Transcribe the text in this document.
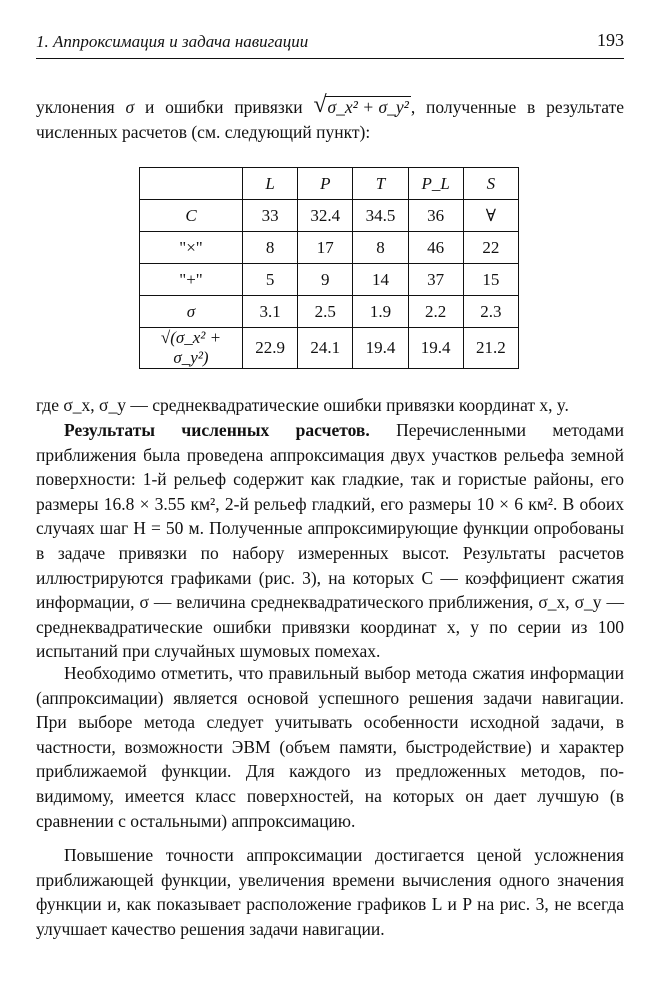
1. Аппроксимация и задача навигации	193
уклонения σ и ошибки привязки √ σ_x² + σ_y² , полученные в результате численных расчетов (см. следующий пункт):
	L	P	T	P_L	S
C	33	32.4	34.5	36	∀
"×"	8	17	8	46	22
"+"	5	9	14	37	15
σ	3.1	2.5	1.9	2.2	2.3
√(σ_x² + σ_y²)	22.9	24.1	19.4	19.4	21.2
где σ_x, σ_y — среднеквадратические ошибки привязки координат x, y.
Результаты численных расчетов. Перечисленными методами приближения была проведена аппроксимация двух участков рельефа земной поверхности: 1-й рельеф содержит как гладкие, так и гористые районы, его размеры 16.8 × 3.55 км², 2-й рельеф гладкий, его размеры 10 × 6 км². В обоих случаях шаг H = 50 м. Полученные аппроксимирующие функции опробованы в задаче привязки по набору измеренных высот. Результаты расчетов иллюстрируются графиками (рис. 3), на которых C — коэффициент сжатия информации, σ — величина среднеквадратического приближения, σ_x, σ_y — среднеквадратические ошибки привязки координат x, y по серии из 100 испытаний при случайных шумовых помехах.
Необходимо отметить, что правильный выбор метода сжатия информации (аппроксимации) является основой успешного решения задачи навигации. При выборе метода следует учитывать особенности исходной задачи, в частности, возможности ЭВМ (объем памяти, быстродействие) и характер приближаемой функции. Для каждого из предложенных методов, по-видимому, имеется класс поверхностей, на которых он дает лучшую (в сравнении с остальными) аппроксимацию.
Повышение точности аппроксимации достигается ценой усложнения приближающей функции, увеличения времени вычисления одного значения функции и, как показывает расположение графиков L и P на рис. 3, не всегда улучшает качество решения задачи навигации.
